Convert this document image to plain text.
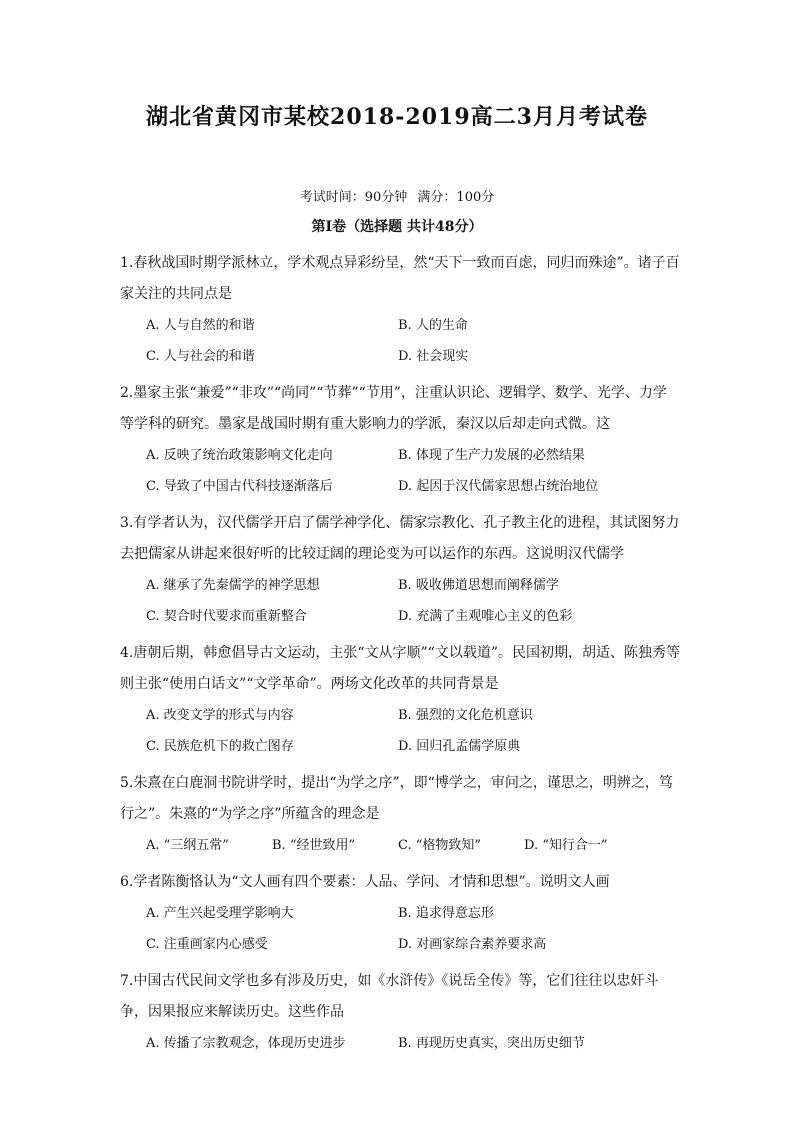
湖北省黄冈市某校2018-2019高二3月月考试卷
考试时间：90分钟 满分：100分
第Ⅰ卷（选择题 共计48分）
1.春秋战国时期学派林立，学术观点异彩纷呈，然“天下一致而百虑，同归而殊途”。诸子百家关注的共同点是
A. 人与自然的和谐	B. 人的生命
C. 人与社会的和谐	D. 社会现实
2.墨家主张“兼爱”“非攻”“尚同”“节葬”“节用”，注重认识论、逻辑学、数学、光学、力学等学科的研究。墨家是战国时期有重大影响力的学派，秦汉以后却走向式微。这
A. 反映了统治政策影响文化走向	B. 体现了生产力发展的必然结果
C. 导致了中国古代科技逐渐落后	D. 起因于汉代儒家思想占统治地位
3.有学者认为，汉代儒学开启了儒学神学化、儒家宗教化、孔子教主化的进程，其试图努力去把儒家从讲起来很好听的比较迂阔的理论变为可以运作的东西。这说明汉代儒学
A. 继承了先秦儒学的神学思想	B. 吸收佛道思想而阐释儒学
C. 契合时代要求而重新整合	D. 充满了主观唯心主义的色彩
4.唐朝后期，韩愈倡导古文运动，主张“文从字顺”“文以载道”。民国初期，胡适、陈独秀等则主张“使用白话文”“文学革命”。两场文化改革的共同背景是
A. 改变文学的形式与内容	B. 强烈的文化危机意识
C. 民族危机下的救亡图存	D. 回归孔孟儒学原典
5.朱熹在白鹿洞书院讲学时，提出“为学之序”，即“博学之，审问之，谨思之，明辨之，笃行之”。朱熹的“为学之序”所蕴含的理念是
A. “三纲五常”	B. “经世致用”	C. “格物致知”	D. “知行合一”
6.学者陈衡恪认为“文人画有四个要素：人品、学问、才情和思想”。说明文人画
A. 产生兴起受理学影响大	B. 追求得意忘形
C. 注重画家内心感受	D. 对画家综合素养要求高
7.中国古代民间文学也多有涉及历史，如《水浒传》《说岳全传》等，它们往往以忠奸斗争，因果报应来解读历史。这些作品
A. 传播了宗教观念，体现历史进步	B. 再现历史真实，突出历史细节
